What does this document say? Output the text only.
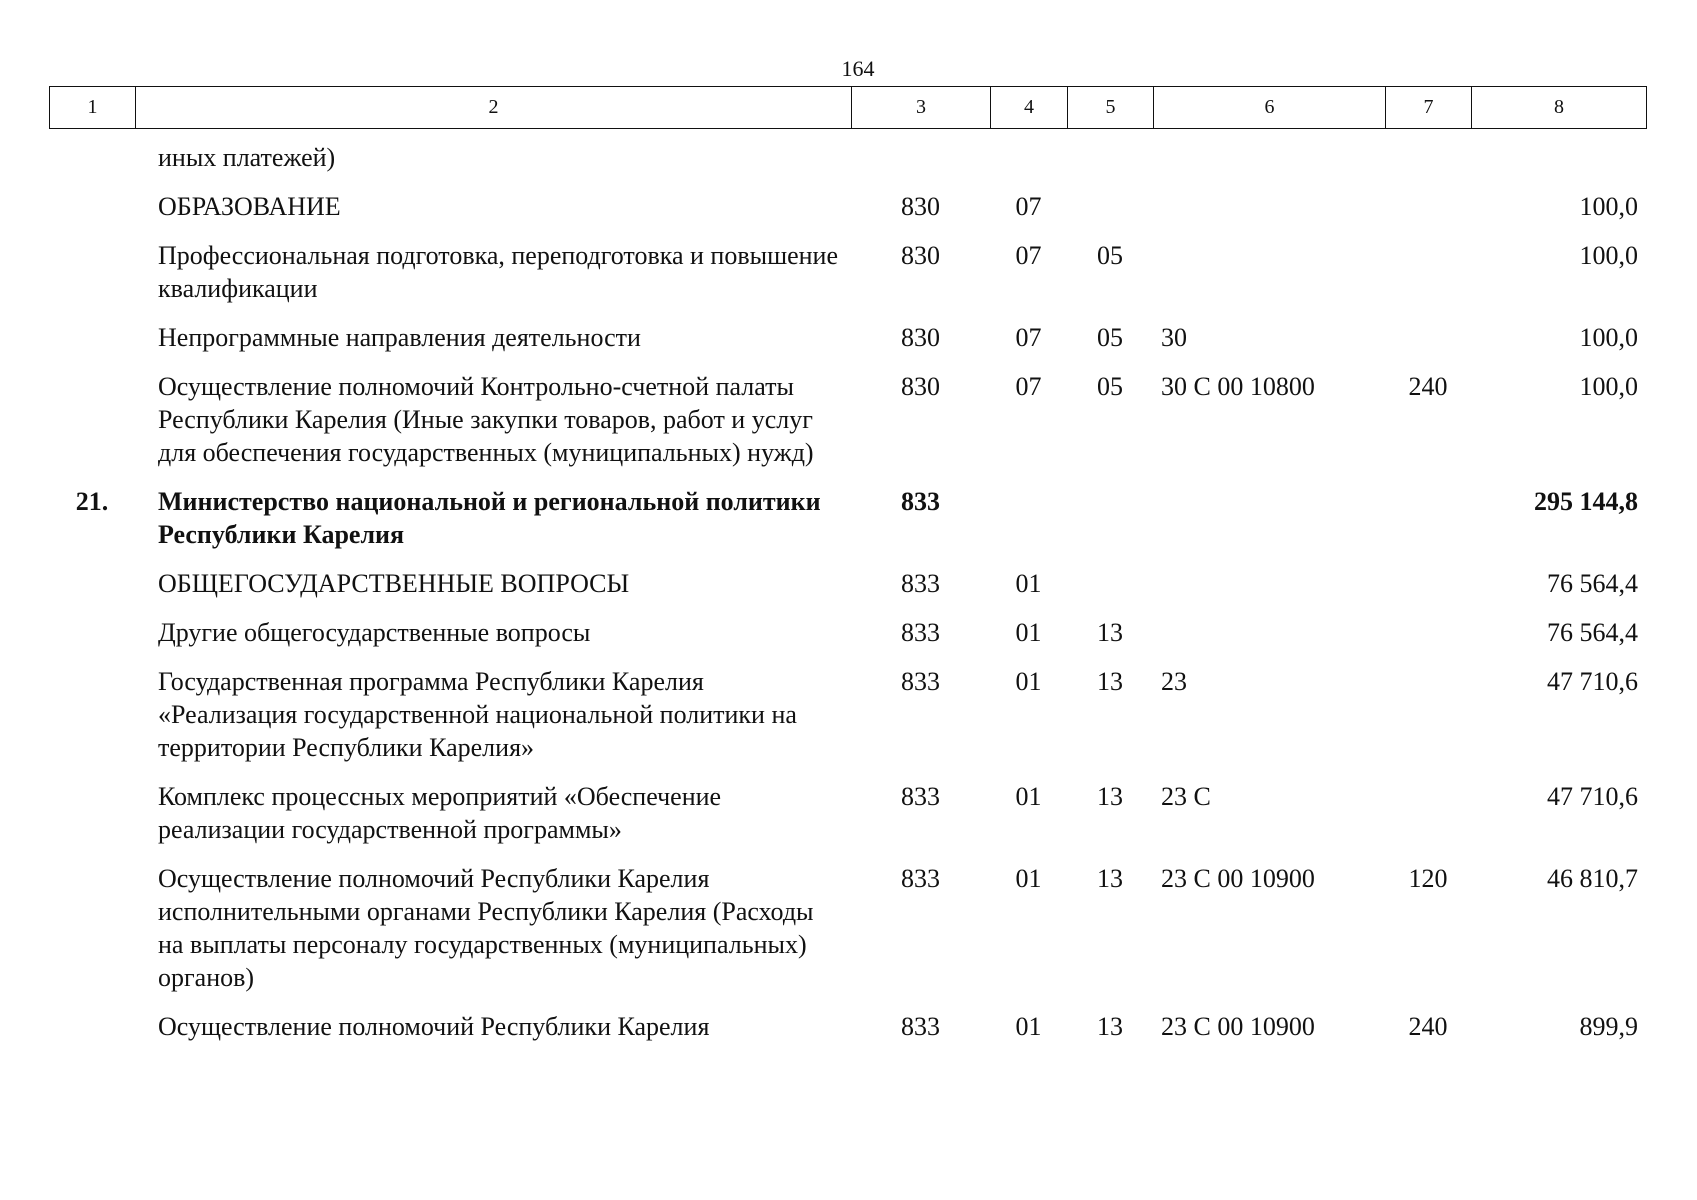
164
1	2	3	4	5	6	7	8
	иных платежей)						
	ОБРАЗОВАНИЕ	830	07				100,0
	Профессиональная подготовка, переподготовка и повышение квалификации	830	07	05			100,0
	Непрограммные направления деятельности	830	07	05	30		100,0
	Осуществление полномочий Контрольно-счетной палаты Республики Карелия (Иные закупки товаров, работ и услуг для обеспечения государственных (муниципальных) нужд)	830	07	05	30 С 00 10800	240	100,0
21.	Министерство национальной и региональной политики Республики Карелия	833					295 144,8
	ОБЩЕГОСУДАРСТВЕННЫЕ ВОПРОСЫ	833	01				76 564,4
	Другие общегосударственные вопросы	833	01	13			76 564,4
	Государственная программа Республики Карелия «Реализация государственной национальной политики на территории Республики Карелия»	833	01	13	23		47 710,6
	Комплекс процессных мероприятий «Обеспечение реализации государственной программы»	833	01	13	23 С		47 710,6
	Осуществление полномочий Республики Карелия исполнительными органами Республики Карелия (Расходы на выплаты персоналу государственных (муниципальных) органов)	833	01	13	23 С 00 10900	120	46 810,7
	Осуществление полномочий Республики Карелия	833	01	13	23 С 00 10900	240	899,9
